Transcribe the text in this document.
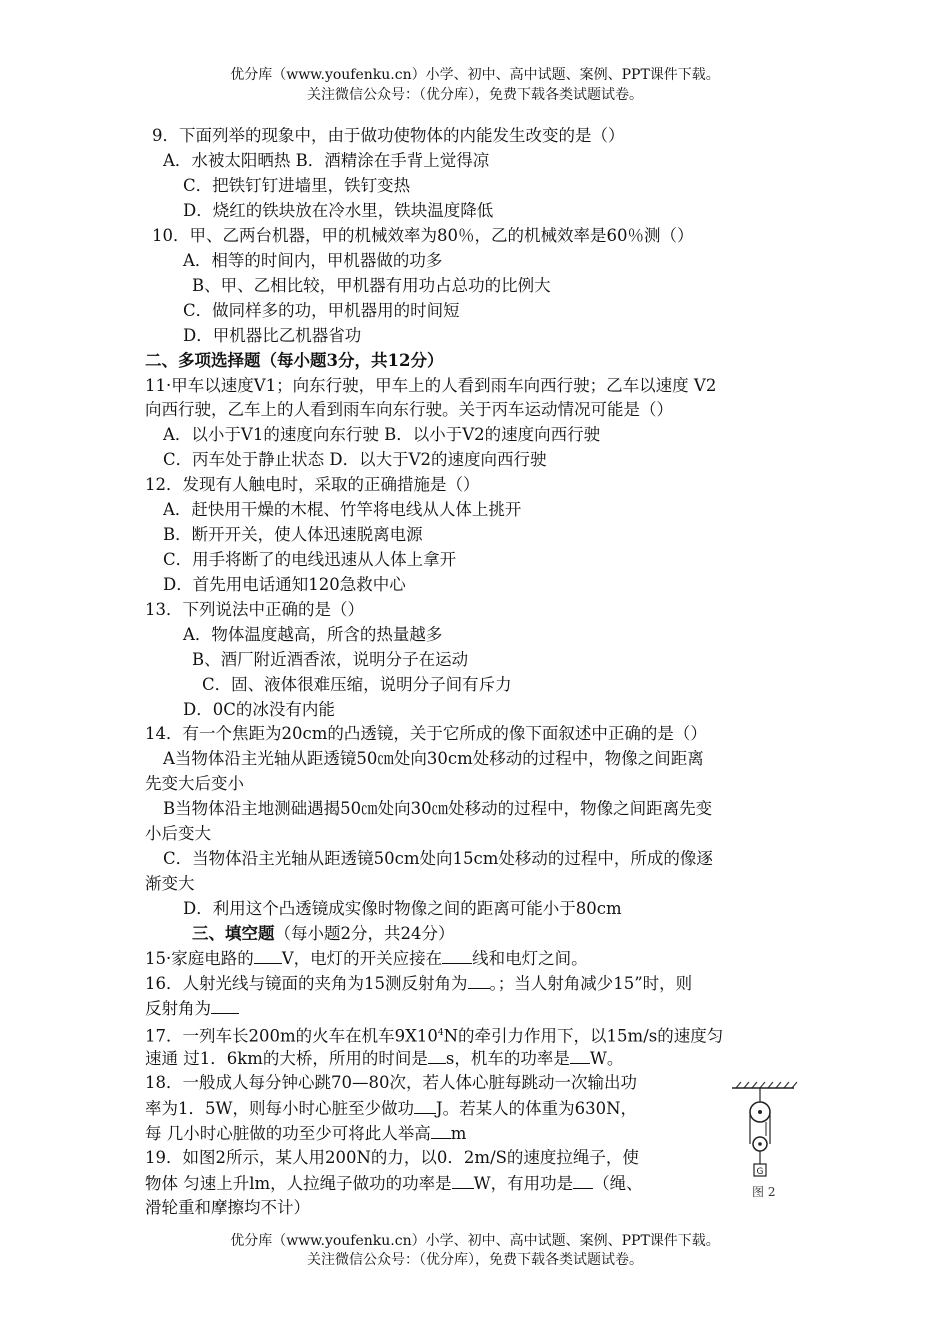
优分库（www.youfenku.cn）小学、初中、高中试题、案例、PPT课件下载。
关注微信公众号：（优分库），免费下载各类试题试卷。
9．下面列举的现象中，由于做功使物体的内能发生改变的是（）
A．水被太阳晒热 B．酒精涂在手背上觉得凉
C．把铁钉钉进墙里，铁钉变热
D．烧红的铁块放在冷水里，铁块温度降低
10．甲、乙两台机器，甲的机械效率为80％，乙的机械效率是60％测（）
A．相等的时间内，甲机器做的功多
B、甲、乙相比较，甲机器有用功占总功的比例大
C．做同样多的功，甲机器用的时间短
D．甲机器比乙机器省功
二、多项选择题（每小题3分，共12分）
11·甲车以速度V1；向东行驶，甲车上的人看到雨车向西行驶；乙车以速度 V2
向西行驶，乙车上的人看到雨车向东行驶。关于丙车运动情况可能是（）
A．以小于V1的速度向东行驶 B．以小于V2的速度向西行驶
C．丙车处于静止状态 D．以大于V2的速度向西行驶
12．发现有人触电时，采取的正确措施是（）
A．赶快用干燥的木棍、竹竿将电线从人体上挑开
B．断开开关，使人体迅速脱离电源
C．用手将断了的电线迅速从人体上拿开
D．首先用电话通知120急救中心
13．下列说法中正确的是（）
A．物体温度越高，所含的热量越多
B、酒厂附近酒香浓，说明分子在运动
C．固、液体很难压缩，说明分子间有斥力
D．0C的冰没有内能
14．有一个焦距为20cm的凸透镜，关于它所成的像下面叙述中正确的是（）
A当物体沿主光轴从距透镜50㎝处向30cm处移动的过程中，物像之间距离
先变大后变小
B当物体沿主地测础遇揭50㎝处向30㎝处移动的过程中，物像之间距离先变
小后变大
C．当物体沿主光轴从距透镜50cm处向15cm处移动的过程中，所成的像逐
渐变大
D．利用这个凸透镜成实像时物像之间的距离可能小于80cm
三、填空题（每小题2分，共24分）
15·家庭电路的 V，电灯的开关应接在 线和电灯之间。
16．人射光线与镜面的夹角为15测反射角为 。；当人射角减少15”时，则
反射角为
17．一列车长200m的火车在机车$9X10^4N$的牵引力作用下，以15m/s的速度匀
速通 过1．6km的大桥，所用的时间是 s，机车的功率是 W。
18．一般成人每分钟心跳70—80次，若人体心脏每跳动一次输出功
率为1．5W，则每小时心脏至少做功 J。若某人的体重为630N，
每 几小时心脏做的功至少可将此人举高 m
19．如图2所示，某人用200N的力，以0．2m/S的速度拉绳子，使
物体 匀速上升lm，人拉绳子做功的功率是 W，有用功是 （绳、
滑轮重和摩擦均不计）
G
图 2
优分库（www.youfenku.cn）小学、初中、高中试题、案例、PPT课件下载。
关注微信公众号：（优分库），免费下载各类试题试卷。
